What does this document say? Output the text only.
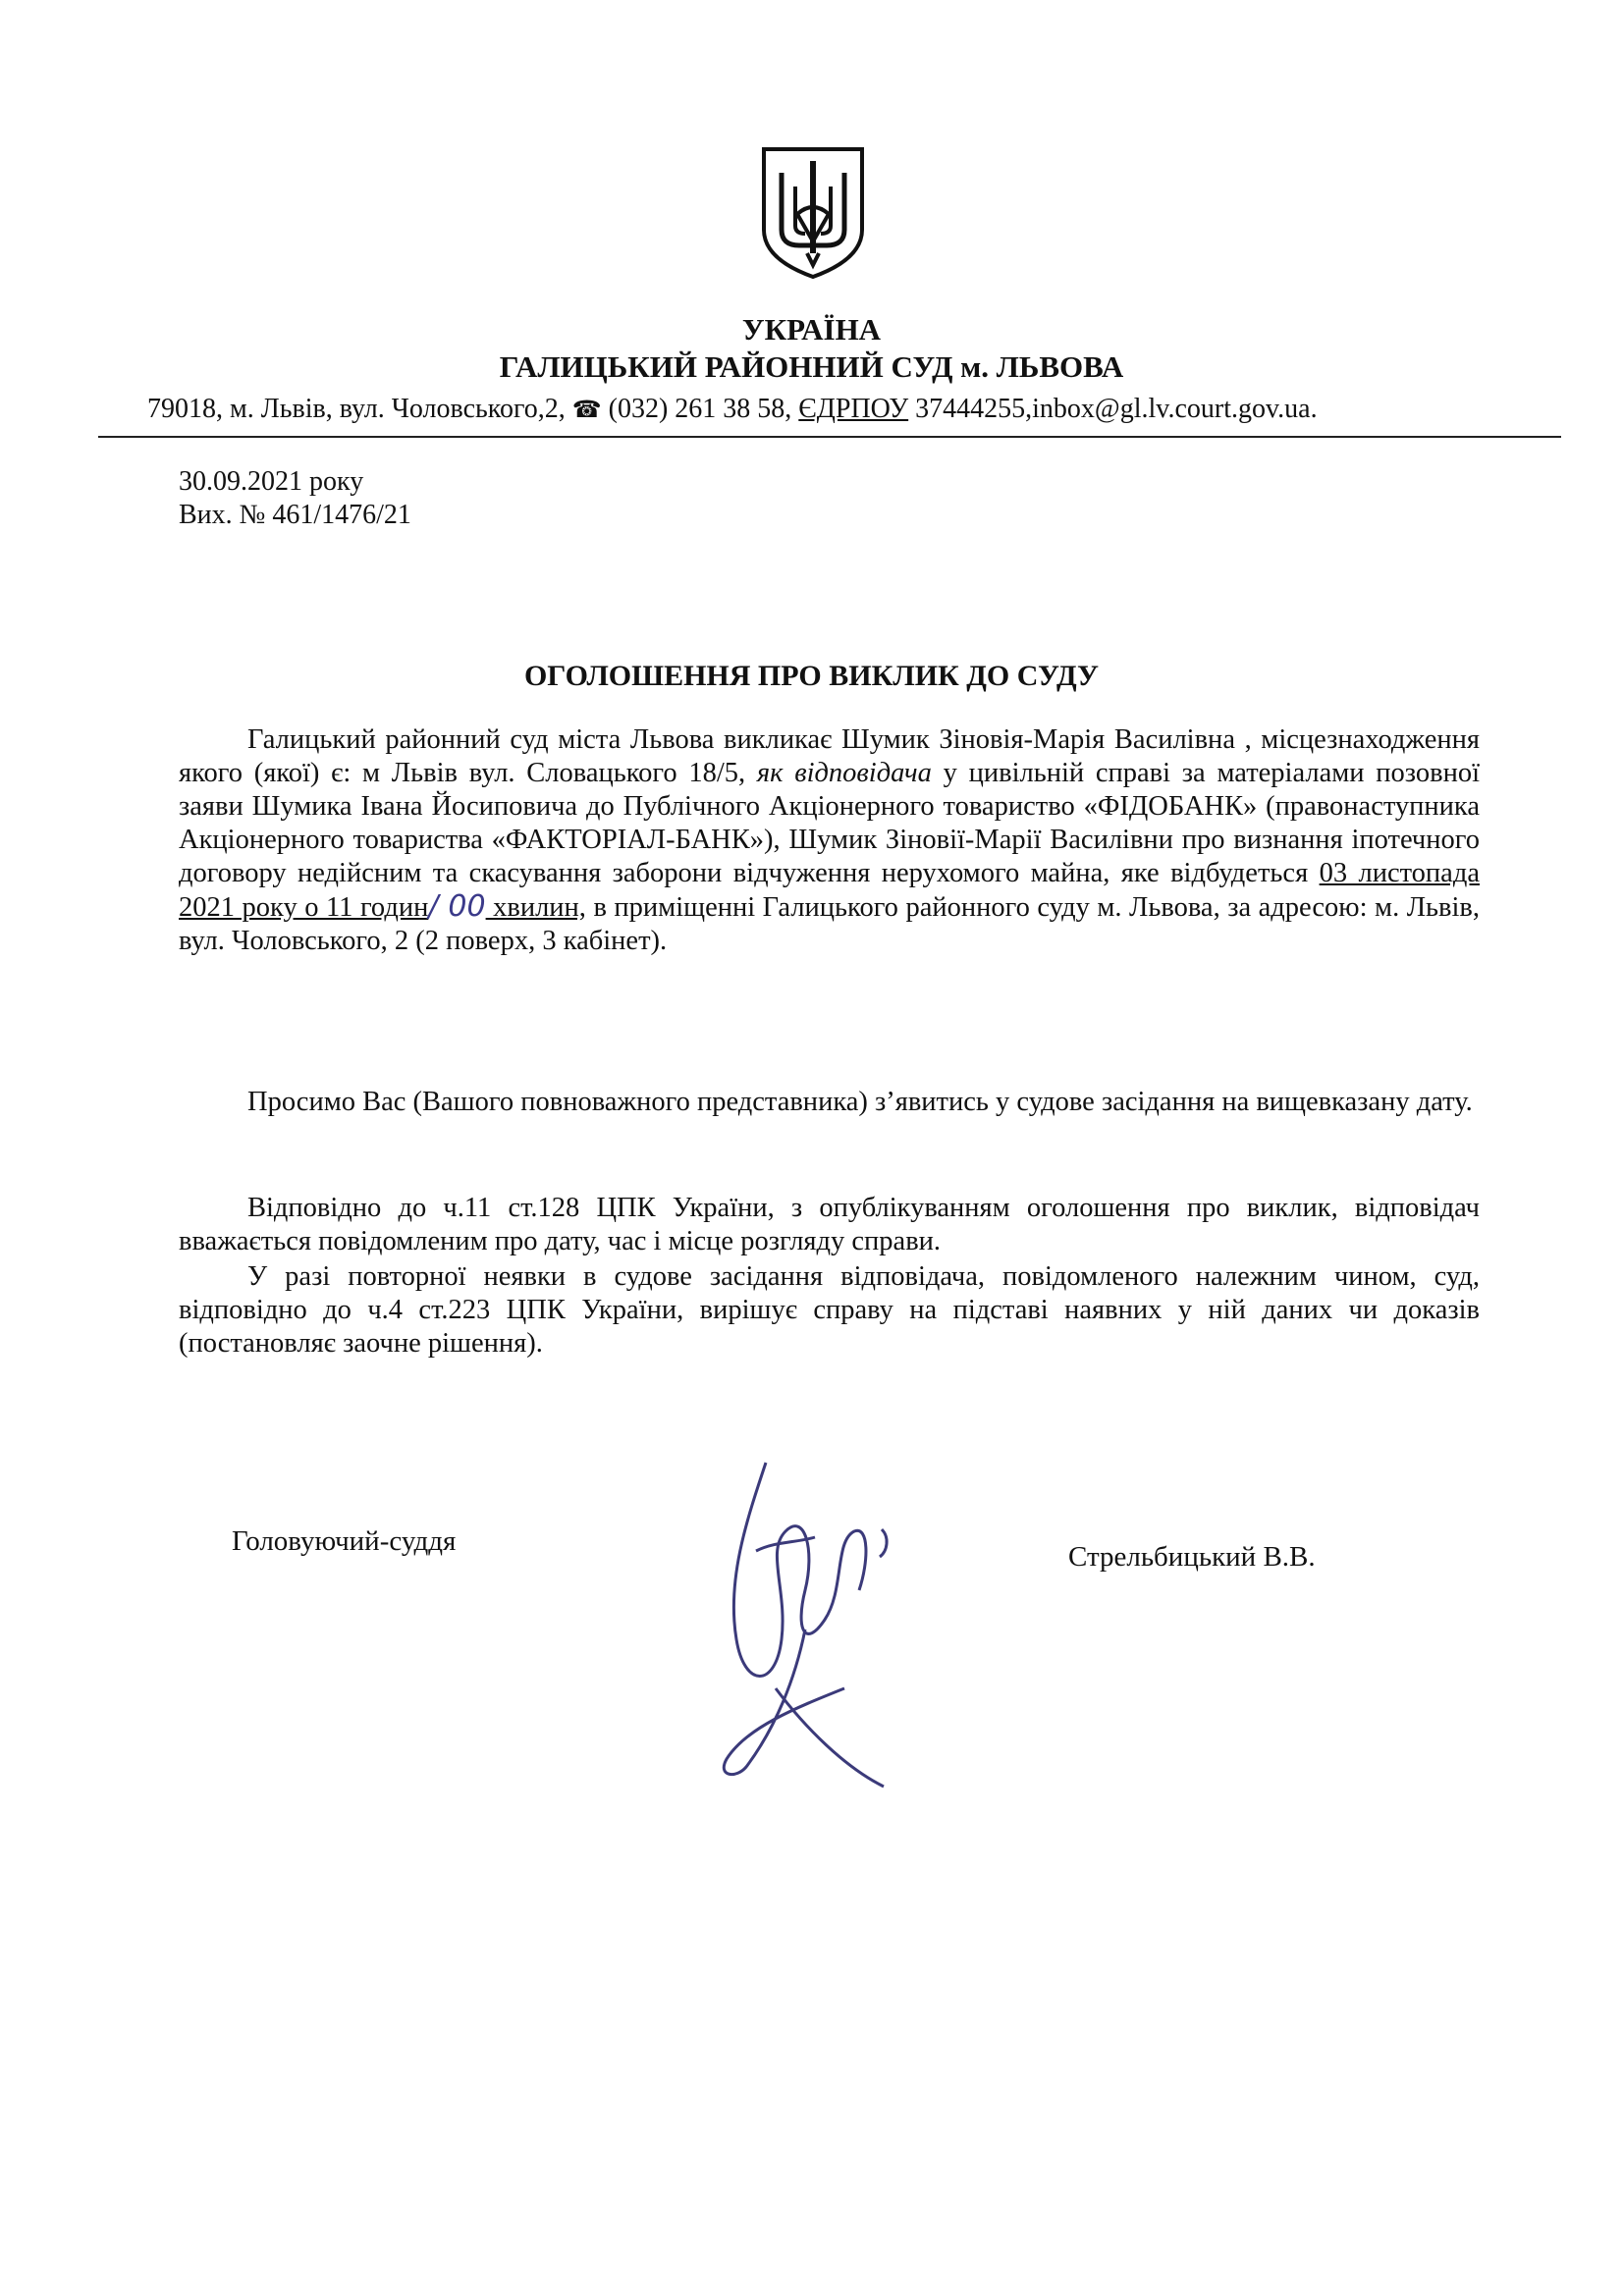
УКРАЇНА
ГАЛИЦЬКИЙ РАЙОННИЙ СУД м. ЛЬВОВА
79018, м. Львів, вул. Чоловського,2, ☎ (032) 261 38 58, ЄДРПОУ 37444255,inbox@gl.lv.court.gov.ua.
30.09.2021 року
Вих. № 461/1476/21
ОГОЛОШЕННЯ ПРО ВИКЛИК ДО СУДУ
Галицький районний суд міста Львова викликає Шумик Зіновія-Марія Василівна , місцезнаходження якого (якої) є: м Львів вул. Словацького 18/5, як відповідача у цивільній справі за матеріалами позовної заяви Шумика Івана Йосиповича до Публічного Акціонерного товариство «ФІДОБАНК» (правонаступника Акціонерного товариства «ФАКТОРІАЛ-БАНК»), Шумик Зіновії-Марії Василівни про визнання іпотечного договору недійсним та скасування заборони відчуження нерухомого майна, яке відбудеться 03 листопада 2021 року о 11 годин/ 00 хвилин, в приміщенні Галицького районного суду м. Львова, за адресою: м. Львів, вул. Чоловського, 2 (2 поверх, 3 кабінет).
Просимо Вас (Вашого повноважного представника) з’явитись у судове засідання на вищевказану дату.
Відповідно до ч.11 ст.128 ЦПК України, з опублікуванням оголошення про виклик, відповідач вважається повідомленим про дату, час і місце розгляду справи.
У разі повторної неявки в судове засідання відповідача, повідомленого належним чином, суд, відповідно до ч.4 ст.223 ЦПК України, вирішує справу на підставі наявних у ній даних чи доказів (постановляє заочне рішення).
Головуючий-суддя	Стрельбицький В.В.
